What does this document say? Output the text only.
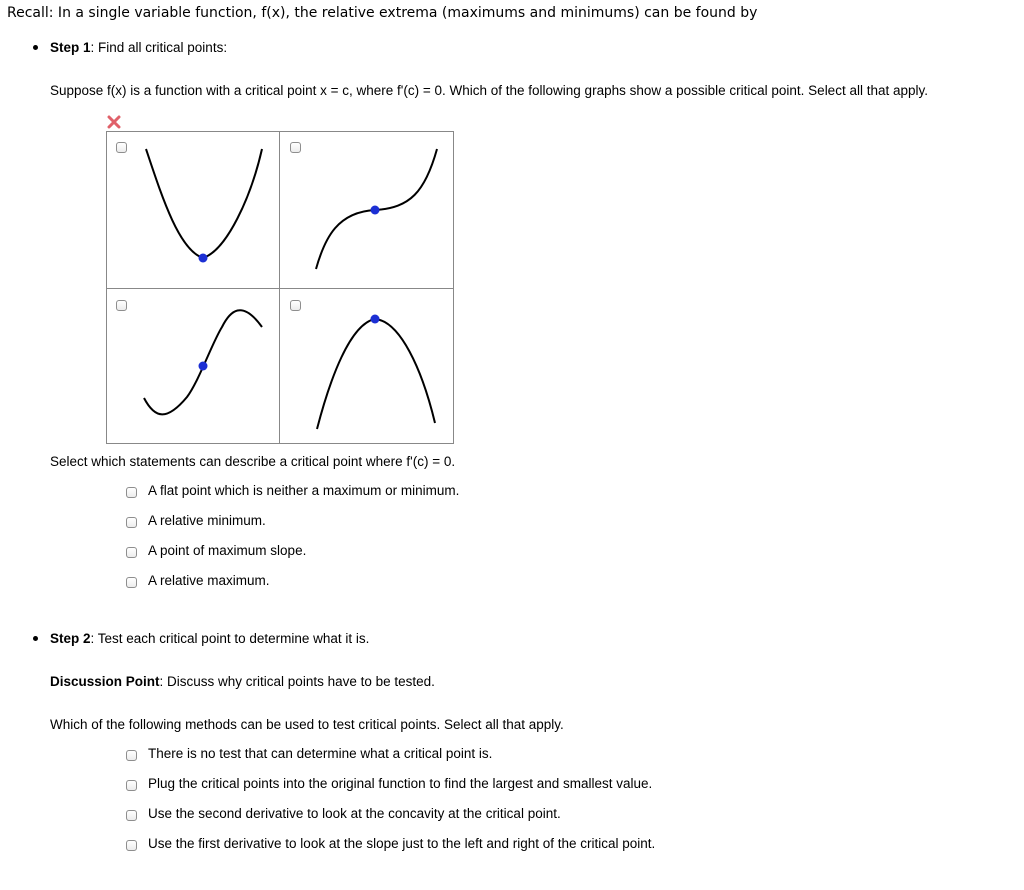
Recall: In a single variable function, f(x), the relative extrema (maximums and minimums) can be found by
Step 1: Find all critical points:
Suppose f(x) is a function with a critical point x = c, where f'(c) = 0. Which of the following graphs show a possible critical point. Select all that apply.
Select which statements can describe a critical point where f'(c) = 0.
A flat point which is neither a maximum or minimum.
A relative minimum.
A point of maximum slope.
A relative maximum.
Step 2: Test each critical point to determine what it is.
Discussion Point: Discuss why critical points have to be tested.
Which of the following methods can be used to test critical points. Select all that apply.
There is no test that can determine what a critical point is.
Plug the critical points into the original function to find the largest and smallest value.
Use the second derivative to look at the concavity at the critical point.
Use the first derivative to look at the slope just to the left and right of the critical point.
